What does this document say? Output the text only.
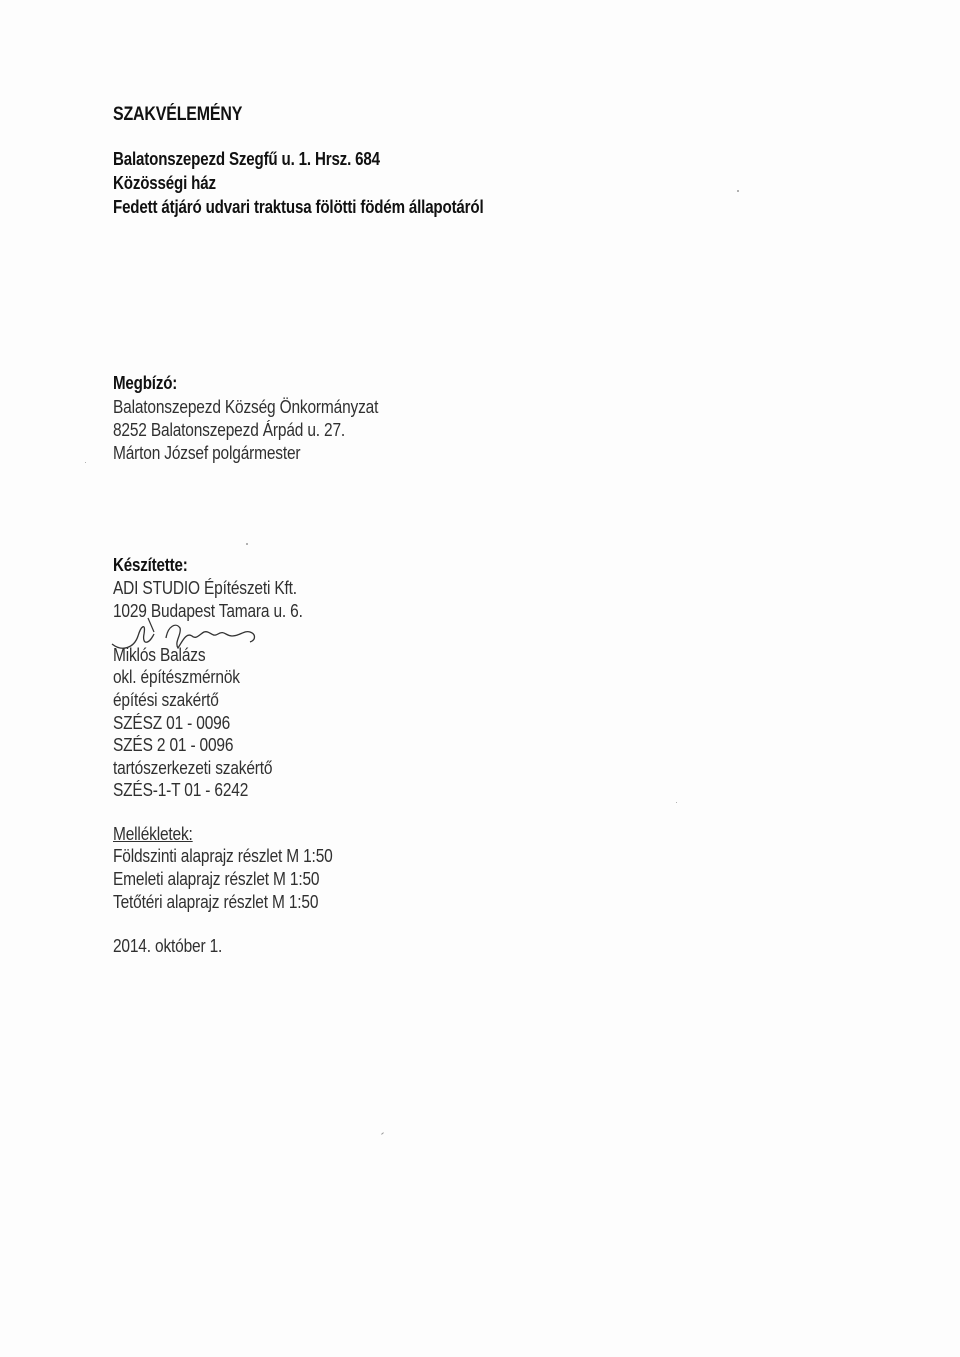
SZAKVÉLEMÉNY
Balatonszepezd Szegfű u. 1. Hrsz. 684
Közösségi ház
Fedett átjáró udvari traktusa fölötti födém állapotáról
Megbízó:
Balatonszepezd Község Önkormányzat
8252 Balatonszepezd Árpád u. 27.
Márton József polgármester
Készítette:
ADI STUDIO Építészeti Kft.
1029 Budapest Tamara u. 6.
Miklós Balázs
okl. építészmérnök
építési szakértő
SZÉSZ 01 - 0096
SZÉS 2 01 - 0096
tartószerkezeti szakértő
SZÉS-1-T 01 - 6242
Mellékletek:
Földszinti alaprajz részlet M 1:50
Emeleti alaprajz részlet M 1:50
Tetőtéri alaprajz részlet M 1:50
2014. október 1.
